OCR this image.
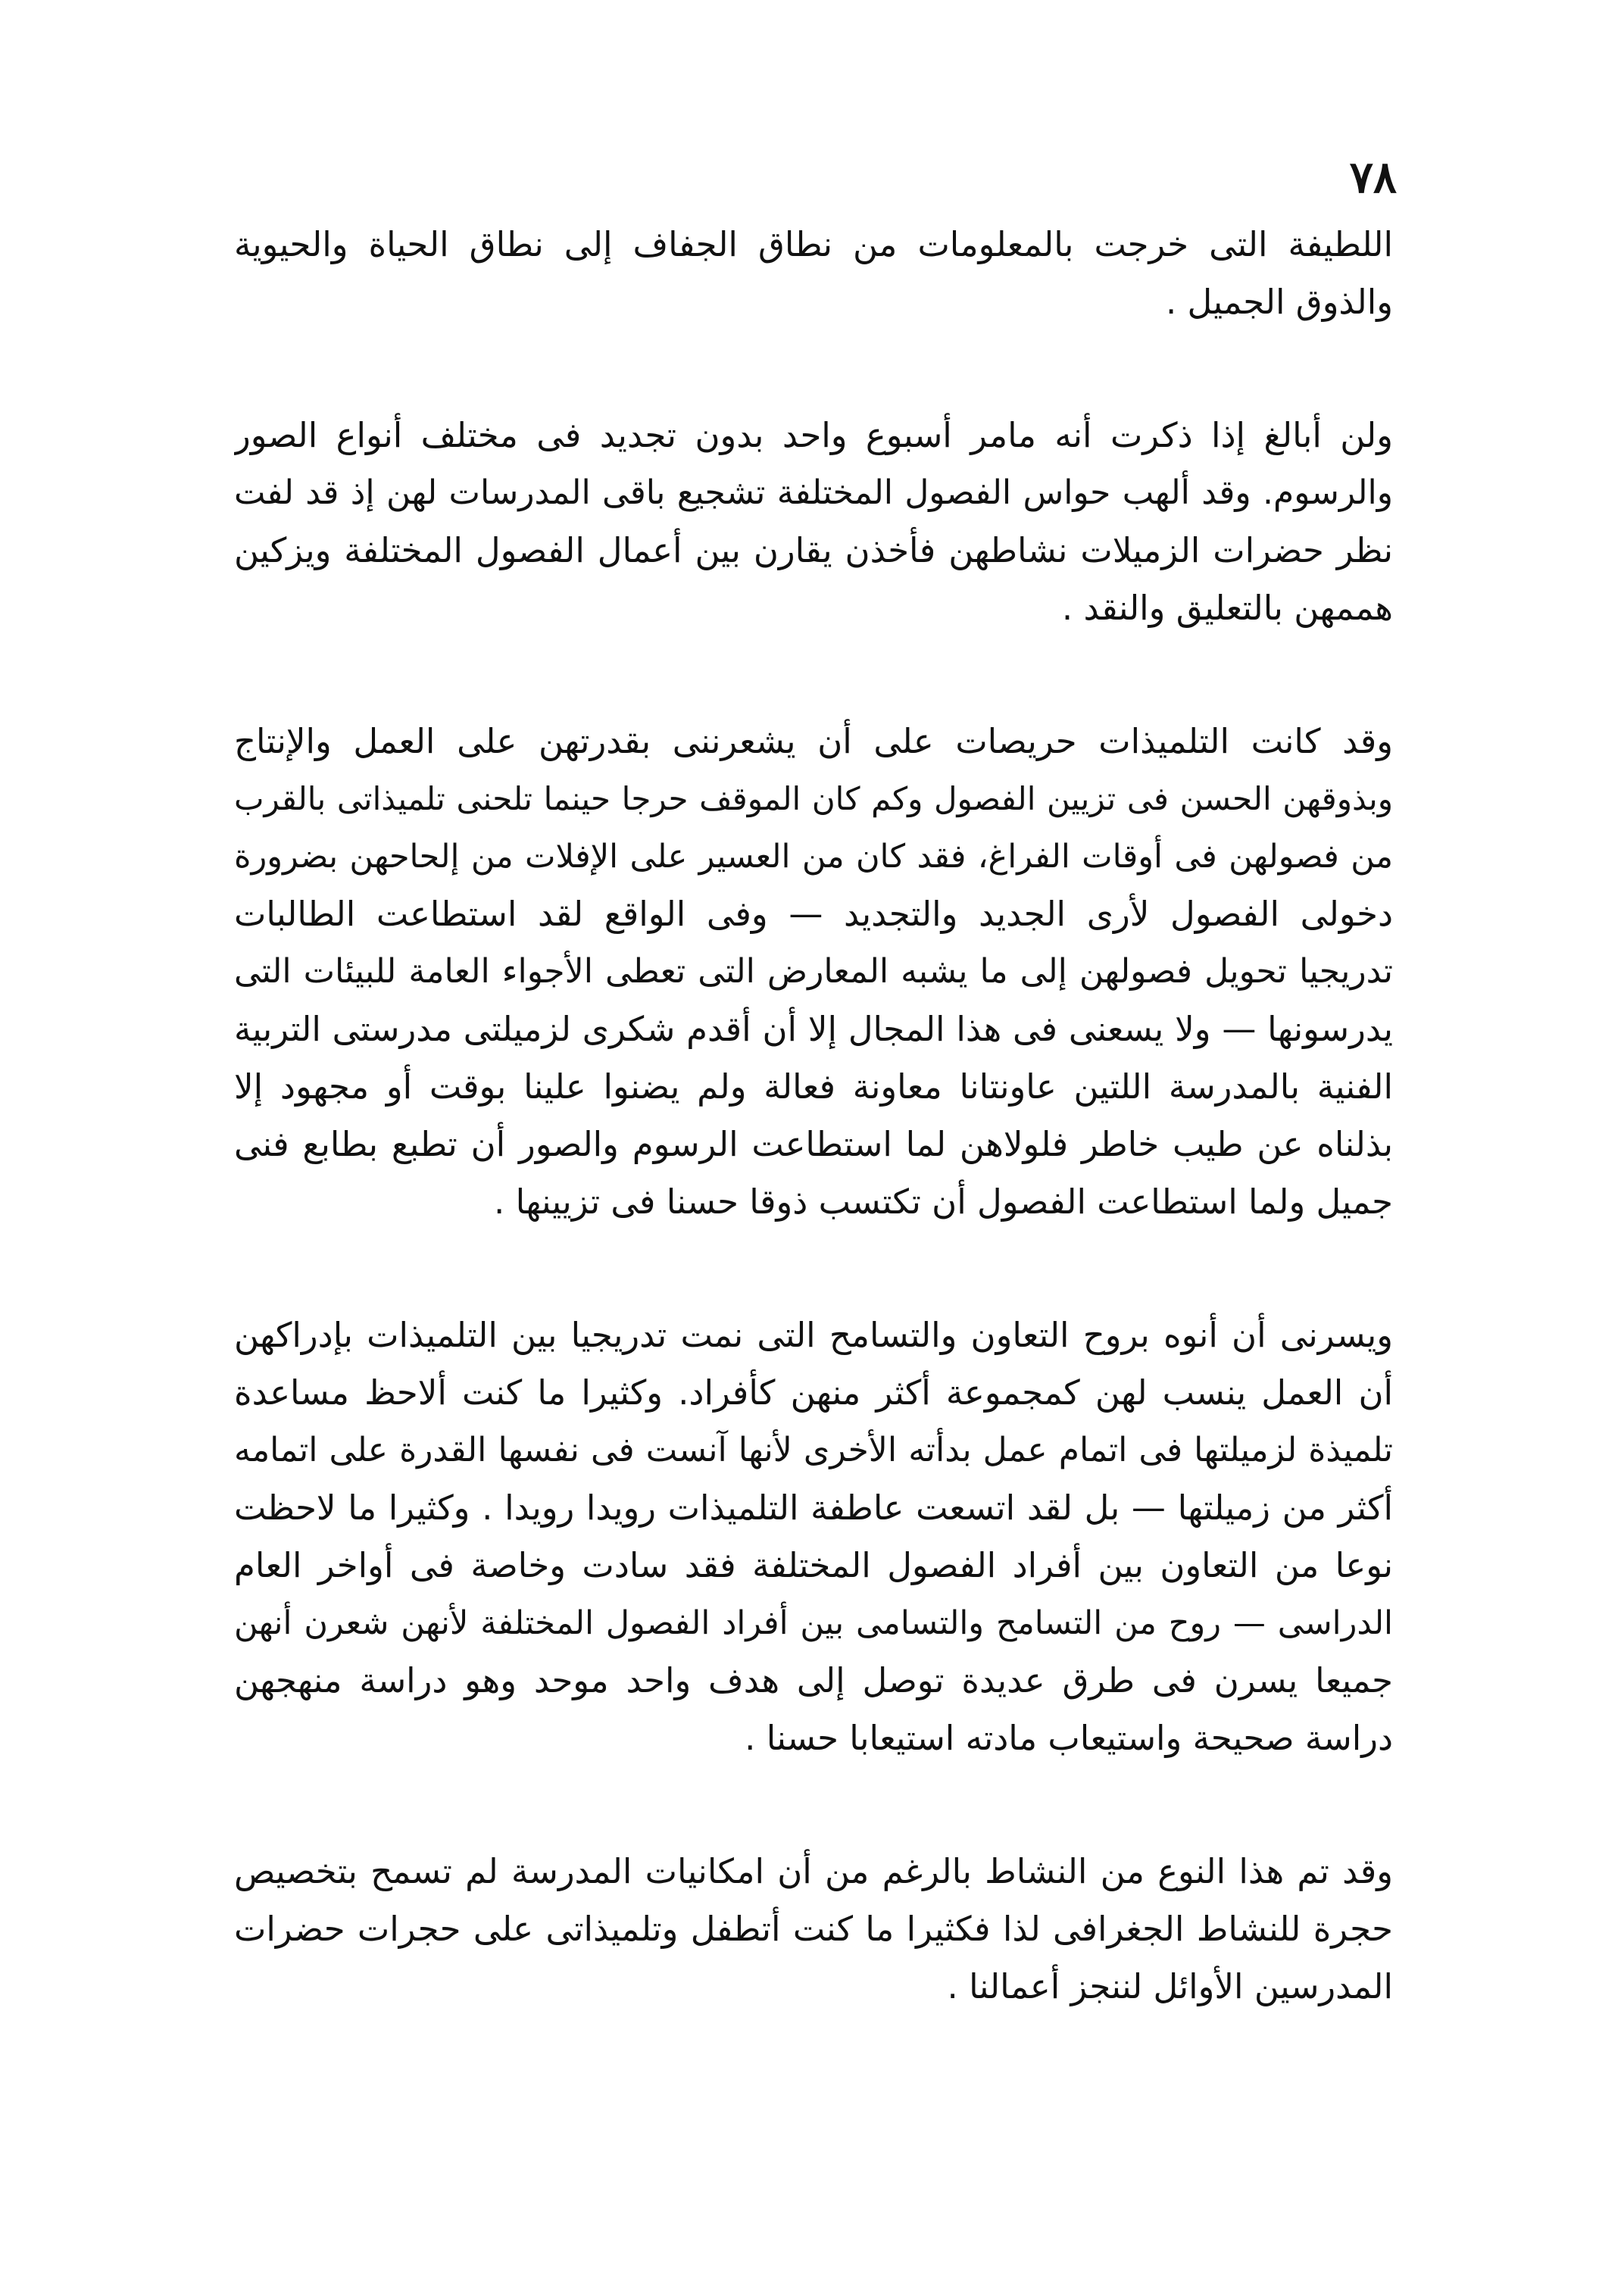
٧٨
اللطيفة التى خرجت بالمعلومات من نطاق الجفاف إلى نطاق الحياة والحيوية
والذوق الجميل .
ولن أبالغ إذا ذكرت أنه مامر أسبوع واحد بدون تجديد فى مختلف أنواع الصور
والرسوم. وقد ألهب حواس الفصول المختلفة تشجيع باقى المدرسات لهن إذ قد لفت
نظر حضرات الزميلات نشاطهن فأخذن يقارن بين أعمال الفصول المختلفة ويزكين
هممهن بالتعليق والنقد .
وقد كانت التلميذات حريصات على أن يشعرننى بقدرتهن على العمل والإنتاج
وبذوقهن الحسن فى تزيين الفصول وكم كان الموقف حرجا حينما تلحنى تلميذاتى بالقرب
من فصولهن فى أوقات الفراغ، فقد كان من العسير على الإفلات من إلحاحهن بضرورة
دخولى الفصول لأرى الجديد والتجديد — وفى الواقع لقد استطاعت الطالبات
تدريجيا تحويل فصولهن إلى ما يشبه المعارض التى تعطى الأجواء العامة للبيئات التى
يدرسونها — ولا يسعنى فى هذا المجال إلا أن أقدم شكرى لزميلتى مدرستى التربية
الفنية بالمدرسة اللتين عاونتانا معاونة فعالة ولم يضنوا علينا بوقت أو مجهود إلا
بذلناه عن طيب خاطر فلولاهن لما استطاعت الرسوم والصور أن تطبع بطابع فنى
جميل ولما استطاعت الفصول أن تكتسب ذوقا حسنا فى تزيينها .
ويسرنى أن أنوه بروح التعاون والتسامح التى نمت تدريجيا بين التلميذات بإدراكهن
أن العمل ينسب لهن كمجموعة أكثر منهن كأفراد. وكثيرا ما كنت ألاحظ مساعدة
تلميذة لزميلتها فى اتمام عمل بدأته الأخرى لأنها آنست فى نفسها القدرة على اتمامه
أكثر من زميلتها — بل لقد اتسعت عاطفة التلميذات رويدا رويدا . وكثيرا ما لاحظت
نوعا من التعاون بين أفراد الفصول المختلفة فقد سادت وخاصة فى أواخر العام
الدراسى — روح من التسامح والتسامى بين أفراد الفصول المختلفة لأنهن شعرن أنهن
جميعا يسرن فى طرق عديدة توصل إلى هدف واحد موحد وهو دراسة منهجهن
دراسة صحيحة واستيعاب مادته استيعابا حسنا .
وقد تم هذا النوع من النشاط بالرغم من أن امكانيات المدرسة لم تسمح بتخصيص
حجرة للنشاط الجغرافى لذا فكثيرا ما كنت أتطفل وتلميذاتى على حجرات حضرات
المدرسين الأوائل لننجز أعمالنا .
